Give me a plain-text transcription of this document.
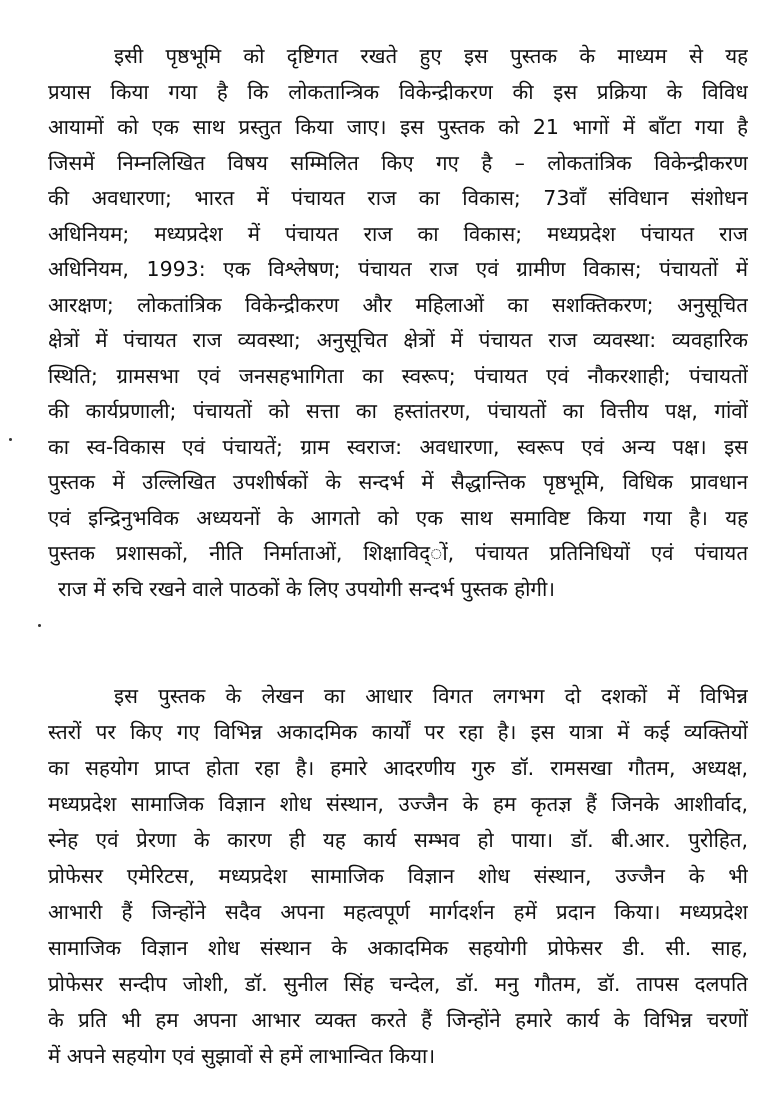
इसी पृष्ठभूमि को दृष्टिगत रखते हुए इस पुस्तक के माध्यम से यह
प्रयास किया गया है कि लोकतान्त्रिक विकेन्द्रीकरण की इस प्रक्रिया के विविध
आयामों को एक साथ प्रस्तुत किया जाए। इस पुस्तक को 21 भागों में बाँटा गया है
जिसमें निम्नलिखित विषय सम्मिलित किए गए है – लोकतांत्रिक विकेन्द्रीकरण
की अवधारणा; भारत में पंचायत राज का विकास; 73वाँ संविधान संशोधन
अधिनियम; मध्यप्रदेश में पंचायत राज का विकास; मध्यप्रदेश पंचायत राज
अधिनियम, 1993: एक विश्लेषण; पंचायत राज एवं ग्रामीण विकास; पंचायतों में
आरक्षण; लोकतांत्रिक विकेन्द्रीकरण और महिलाओं का सशक्तिकरण; अनुसूचित
क्षेत्रों में पंचायत राज व्यवस्था; अनुसूचित क्षेत्रों में पंचायत राज व्यवस्था: व्यवहारिक
स्थिति; ग्रामसभा एवं जनसहभागिता का स्वरूप; पंचायत एवं नौकरशाही; पंचायतों
की कार्यप्रणाली; पंचायतों को सत्ता का हस्तांतरण, पंचायतों का वित्तीय पक्ष, गांवों
का स्व-विकास एवं पंचायतें; ग्राम स्वराज: अवधारणा, स्वरूप एवं अन्य पक्ष। इस
पुस्तक में उल्लिखित उपशीर्षकों के सन्दर्भ में सैद्धान्तिक पृष्ठभूमि, विधिक प्रावधान
एवं इन्द्रिनुभविक अध्ययनों के आगतो को एक साथ समाविष्ट किया गया है। यह
पुस्तक प्रशासकों, नीति निर्माताओं, शिक्षाविद्ों, पंचायत प्रतिनिधियों एवं पंचायत
राज में रुचि रखने वाले पाठकों के लिए उपयोगी सन्दर्भ पुस्तक होगी।
इस पुस्तक के लेखन का आधार विगत लगभग दो दशकों में विभिन्न
स्तरों पर किए गए विभिन्न अकादमिक कार्यों पर रहा है। इस यात्रा में कई व्यक्तियों
का सहयोग प्राप्त होता रहा है। हमारे आदरणीय गुरु डॉ. रामसखा गौतम, अध्यक्ष,
मध्यप्रदेश सामाजिक विज्ञान शोध संस्थान, उज्जैन के हम कृतज्ञ हैं जिनके आशीर्वाद,
स्नेह एवं प्रेरणा के कारण ही यह कार्य सम्भव हो पाया। डॉ. बी.आर. पुरोहित,
प्रोफेसर एमेरिटस, मध्यप्रदेश सामाजिक विज्ञान शोध संस्थान, उज्जैन के भी
आभारी हैं जिन्होंने सदैव अपना महत्वपूर्ण मार्गदर्शन हमें प्रदान किया। मध्यप्रदेश
सामाजिक विज्ञान शोध संस्थान के अकादमिक सहयोगी प्रोफेसर डी. सी. साह,
प्रोफेसर सन्दीप जोशी, डॉ. सुनील सिंह चन्देल, डॉ. मनु गौतम, डॉ. तापस दलपति
के प्रति भी हम अपना आभार व्यक्त करते हैं जिन्होंने हमारे कार्य के विभिन्न चरणों
में अपने सहयोग एवं सुझावों से हमें लाभान्वित किया।
